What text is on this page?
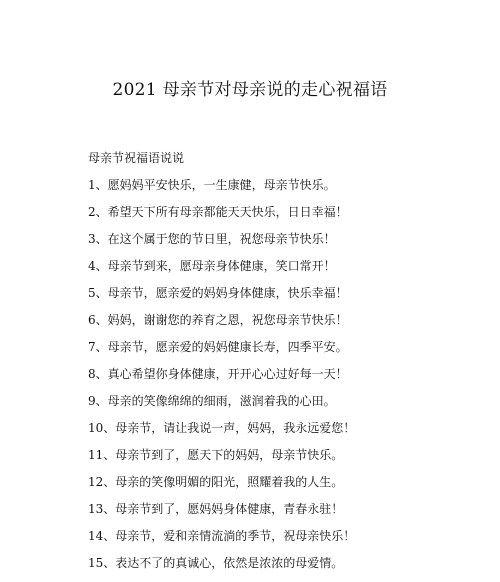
2021 母亲节对母亲说的走心祝福语
母亲节祝福语说说
1、愿妈妈平安快乐，一生康健，母亲节快乐。
2、希望天下所有母亲都能天天快乐，日日幸福！
3、在这个属于您的节日里，祝您母亲节快乐！
4、母亲节到来，愿母亲身体健康，笑口常开！
5、母亲节，愿亲爱的妈妈身体健康，快乐幸福！
6、妈妈，谢谢您的养育之恩，祝您母亲节快乐！
7、母亲节，愿亲爱的妈妈健康长寿，四季平安。
8、真心希望你身体健康，开开心心过好每一天！
9、母亲的笑像绵绵的细雨，滋润着我的心田。
10、母亲节，请让我说一声，妈妈，我永远爱您！
11、母亲节到了，愿天下的妈妈，母亲节快乐。
12、母亲的笑像明媚的阳光，照耀着我的人生。
13、母亲节到了，愿妈妈身体健康，青春永驻！
14、母亲节，爱和亲情流淌的季节，祝母亲快乐！
15、表达不了的真诚心，依然是浓浓的母爱情。
